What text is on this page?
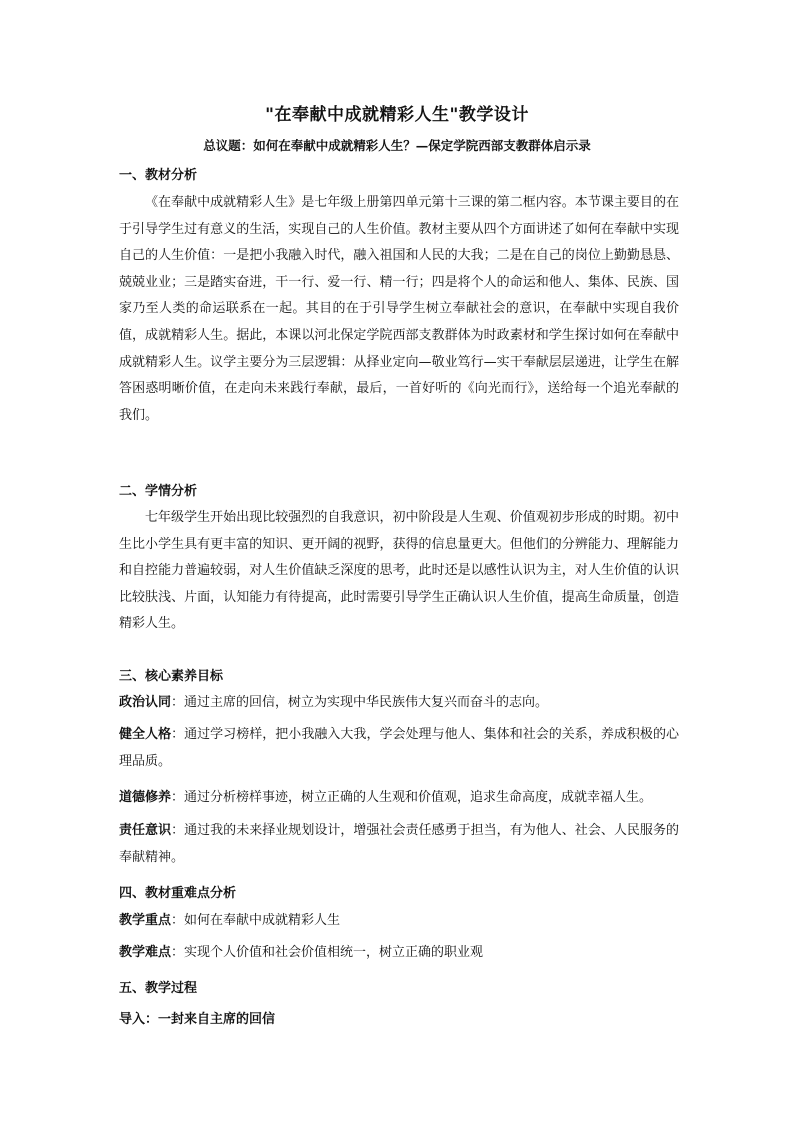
"在奉献中成就精彩人生"教学设计
总议题：如何在奉献中成就精彩人生？—保定学院西部支教群体启示录
一、教材分析

《在奉献中成就精彩人生》是七年级上册第四单元第十三课的第二框内容。本节课主要目的在于引导学生过有意义的生活，实现自己的人生价值。教材主要从四个方面讲述了如何在奉献中实现自己的人生价值：一是把小我融入时代，融入祖国和人民的大我；二是在自己的岗位上勤勤恳恳、兢兢业业；三是踏实奋进，干一行、爱一行、精一行；四是将个人的命运和他人、集体、民族、国家乃至人类的命运联系在一起。其目的在于引导学生树立奉献社会的意识，在奉献中实现自我价值，成就精彩人生。据此，本课以河北保定学院西部支教群体为时政素材和学生探讨如何在奉献中成就精彩人生。议学主要分为三层逻辑：从择业定向—敬业笃行—实干奉献层层递进，让学生在解答困惑明晰价值，在走向未来践行奉献，最后，一首好听的《向光而行》，送给每一个追光奉献的我们。

二、学情分析

七年级学生开始出现比较强烈的自我意识，初中阶段是人生观、价值观初步形成的时期。初中生比小学生具有更丰富的知识、更开阔的视野，获得的信息量更大。但他们的分辨能力、理解能力和自控能力普遍较弱，对人生价值缺乏深度的思考，此时还是以感性认识为主，对人生价值的认识比较肤浅、片面，认知能力有待提高，此时需要引导学生正确认识人生价值，提高生命质量，创造精彩人生。

三、核心素养目标

政治认同：通过主席的回信，树立为实现中华民族伟大复兴而奋斗的志向。

健全人格：通过学习榜样，把小我融入大我，学会处理与他人、集体和社会的关系，养成积极的心理品质。

道德修养：通过分析榜样事迹，树立正确的人生观和价值观，追求生命高度，成就幸福人生。

责任意识：通过我的未来择业规划设计，增强社会责任感勇于担当，有为他人、社会、人民服务的奉献精神。

四、教材重难点分析
教学重点：如何在奉献中成就精彩人生
教学难点：实现个人价值和社会价值相统一，树立正确的职业观
五、教学过程
导入：一封来自主席的回信
